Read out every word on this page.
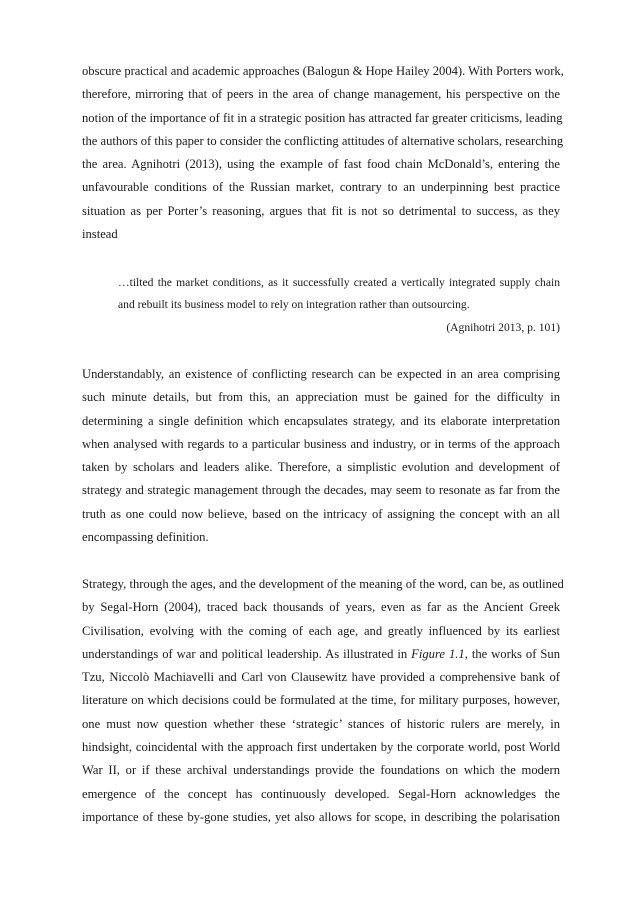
obscure practical and academic approaches (Balogun & Hope Hailey 2004). With Porters work,
therefore, mirroring that of peers in the area of change management, his perspective on the
notion of the importance of fit in a strategic position has attracted far greater criticisms, leading
the authors of this paper to consider the conflicting attitudes of alternative scholars, researching
the area. Agnihotri (2013), using the example of fast food chain McDonald’s, entering the
unfavourable conditions of the Russian market, contrary to an underpinning best practice
situation as per Porter’s reasoning, argues that fit is not so detrimental to success, as they
instead
…tilted the market conditions, as it successfully created a vertically integrated supply chain
and rebuilt its business model to rely on integration rather than outsourcing.
(Agnihotri 2013, p. 101)
Understandably, an existence of conflicting research can be expected in an area comprising
such minute details, but from this, an appreciation must be gained for the difficulty in
determining a single definition which encapsulates strategy, and its elaborate interpretation
when analysed with regards to a particular business and industry, or in terms of the approach
taken by scholars and leaders alike. Therefore, a simplistic evolution and development of
strategy and strategic management through the decades, may seem to resonate as far from the
truth as one could now believe, based on the intricacy of assigning the concept with an all
encompassing definition.
Strategy, through the ages, and the development of the meaning of the word, can be, as outlined
by Segal-Horn (2004), traced back thousands of years, even as far as the Ancient Greek
Civilisation, evolving with the coming of each age, and greatly influenced by its earliest
understandings of war and political leadership. As illustrated in Figure 1.1, the works of Sun
Tzu, Niccolò Machiavelli and Carl von Clausewitz have provided a comprehensive bank of
literature on which decisions could be formulated at the time, for military purposes, however,
one must now question whether these ‘strategic’ stances of historic rulers are merely, in
hindsight, coincidental with the approach first undertaken by the corporate world, post World
War II, or if these archival understandings provide the foundations on which the modern
emergence of the concept has continuously developed. Segal-Horn acknowledges the
importance of these by-gone studies, yet also allows for scope, in describing the polarisation
